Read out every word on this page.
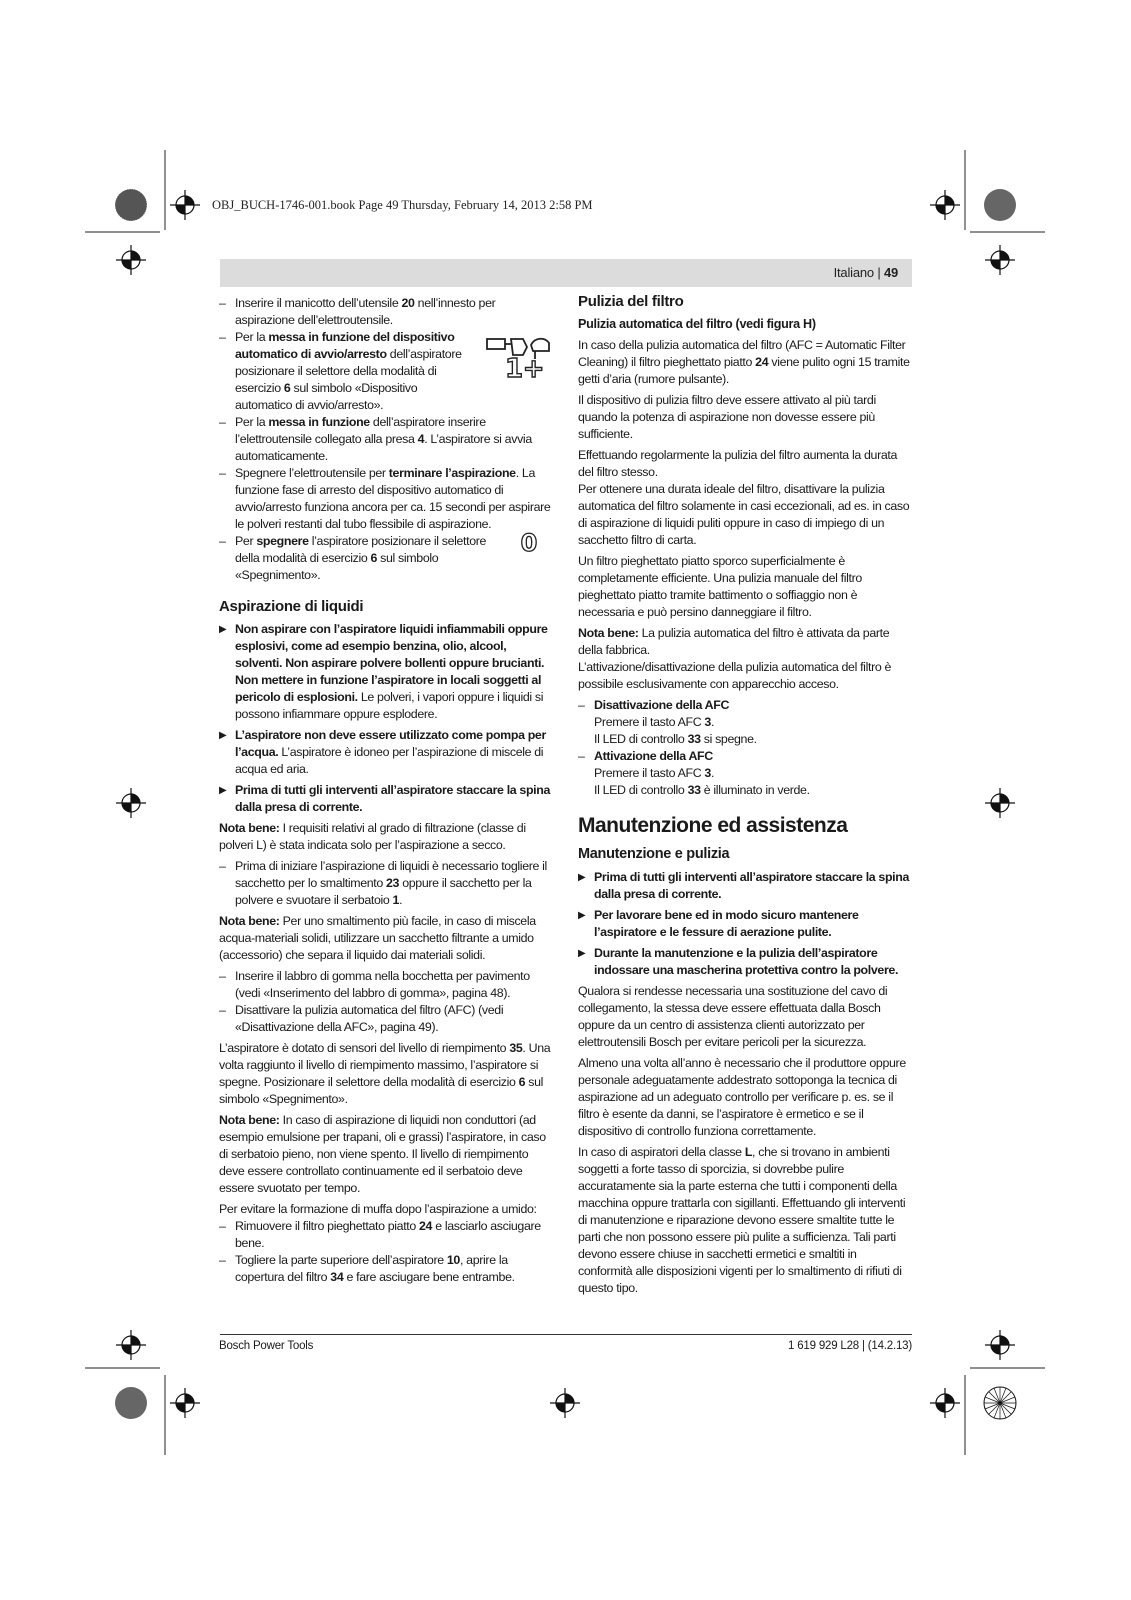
OBJ_BUCH-1746-001.book Page 49 Thursday, February 14, 2013 2:58 PM
Italiano | 49

– Inserire il manicotto dell’utensile 20 nell’innesto per aspirazione dell’elettroutensile.

– 1+
Per la messa in funzione del dispositivo automatico di avvio/arresto dell’aspiratore posizionare il selettore della modalità di esercizio 6 sul simbolo «Dispositivo automatico di avvio/arresto».

– Per la messa in funzione dell’aspiratore inserire l’elettroutensile collegato alla presa 4. L’aspiratore si avvia automaticamente.

– Spegnere l’elettroutensile per terminare l’aspirazione. La funzione fase di arresto del dispositivo automatico di avvio/arresto funziona ancora per ca. 15 secondi per aspirare le polveri restanti dal tubo flessibile di aspirazione.

– 0
Per spegnere l’aspiratore posizionare il selettore della modalità di esercizio 6 sul simbolo «Spegnimento».

Aspirazione di liquidi

▶ Non aspirare con l’aspiratore liquidi infiammabili oppure esplosivi, come ad esempio benzina, olio, alcool, solventi. Non aspirare polvere bollenti oppure brucianti. Non mettere in funzione l’aspiratore in locali soggetti al pericolo di esplosioni. Le polveri, i vapori oppure i liquidi si possono infiammare oppure esplodere.

▶ L’aspiratore non deve essere utilizzato come pompa per l’acqua. L’aspiratore è idoneo per l’aspirazione di miscele di acqua ed aria.

▶ Prima di tutti gli interventi all’aspiratore staccare la spina dalla presa di corrente.

Nota bene: I requisiti relativi al grado di filtrazione (classe di polveri L) è stata indicata solo per l’aspirazione a secco.

– Prima di iniziare l’aspirazione di liquidi è necessario togliere il sacchetto per lo smaltimento 23 oppure il sacchetto per la polvere e svuotare il serbatoio 1.

Nota bene: Per uno smaltimento più facile, in caso di miscela acqua-materiali solidi, utilizzare un sacchetto filtrante a umido (accessorio) che separa il liquido dai materiali solidi.

– Inserire il labbro di gomma nella bocchetta per pavimento (vedi «Inserimento del labbro di gomma», pagina 48).

– Disattivare la pulizia automatica del filtro (AFC) (vedi «Disattivazione della AFC», pagina 49).

L’aspiratore è dotato di sensori del livello di riempimento 35. Una volta raggiunto il livello di riempimento massimo, l’aspiratore si spegne. Posizionare il selettore della modalità di esercizio 6 sul simbolo «Spegnimento».

Nota bene: In caso di aspirazione di liquidi non conduttori (ad esempio emulsione per trapani, oli e grassi) l’aspiratore, in caso di serbatoio pieno, non viene spento. Il livello di riempimento deve essere controllato continuamente ed il serbatoio deve essere svuotato per tempo.

Per evitare la formazione di muffa dopo l’aspirazione a umido:

– Rimuovere il filtro pieghettato piatto 24 e lasciarlo asciugare bene.

– Togliere la parte superiore dell’aspiratore 10, aprire la copertura del filtro 34 e fare asciugare bene entrambe.

Pulizia del filtro
Pulizia automatica del filtro (vedi figura H)

In caso della pulizia automatica del filtro (AFC = Automatic Filter Cleaning) il filtro pieghettato piatto 24 viene pulito ogni 15 tramite getti d’aria (rumore pulsante).

Il dispositivo di pulizia filtro deve essere attivato al più tardi quando la potenza di aspirazione non dovesse essere più sufficiente.

Effettuando regolarmente la pulizia del filtro aumenta la durata del filtro stesso.

Per ottenere una durata ideale del filtro, disattivare la pulizia automatica del filtro solamente in casi eccezionali, ad es. in caso di aspirazione di liquidi puliti oppure in caso di impiego di un sacchetto filtro di carta.

Un filtro pieghettato piatto sporco superficialmente è completamente efficiente. Una pulizia manuale del filtro pieghettato piatto tramite battimento o soffiaggio non è necessaria e può persino danneggiare il filtro.

Nota bene: La pulizia automatica del filtro è attivata da parte della fabbrica.

L’attivazione/disattivazione della pulizia automatica del filtro è possibile esclusivamente con apparecchio acceso.

– Disattivazione della AFC

Premere il tasto AFC 3.

Il LED di controllo 33 si spegne.

– Attivazione della AFC

Premere il tasto AFC 3.

Il LED di controllo 33 è illuminato in verde.

Manutenzione ed assistenza
Manutenzione e pulizia

▶ Prima di tutti gli interventi all’aspiratore staccare la spina dalla presa di corrente.

▶ Per lavorare bene ed in modo sicuro mantenere l’aspiratore e le fessure di aerazione pulite.

▶ Durante la manutenzione e la pulizia dell’aspiratore indossare una mascherina protettiva contro la polvere.

Qualora si rendesse necessaria una sostituzione del cavo di collegamento, la stessa deve essere effettuata dalla Bosch oppure da un centro di assistenza clienti autorizzato per elettroutensili Bosch per evitare pericoli per la sicurezza.

Almeno una volta all’anno è necessario che il produttore oppure personale adeguatamente addestrato sottoponga la tecnica di aspirazione ad un adeguato controllo per verificare p. es. se il filtro è esente da danni, se l’aspiratore è ermetico e se il dispositivo di controllo funziona correttamente.

In caso di aspiratori della classe L, che si trovano in ambienti soggetti a forte tasso di sporcizia, si dovrebbe pulire accuratamente sia la parte esterna che tutti i componenti della macchina oppure trattarla con sigillanti. Effettuando gli interventi di manutenzione e riparazione devono essere smaltite tutte le parti che non possono essere più pulite a sufficienza. Tali parti devono essere chiuse in sacchetti ermetici e smaltiti in conformità alle disposizioni vigenti per lo smaltimento di rifiuti di questo tipo.

Bosch Power Tools	1 619 929 L28 | (14.2.13)
